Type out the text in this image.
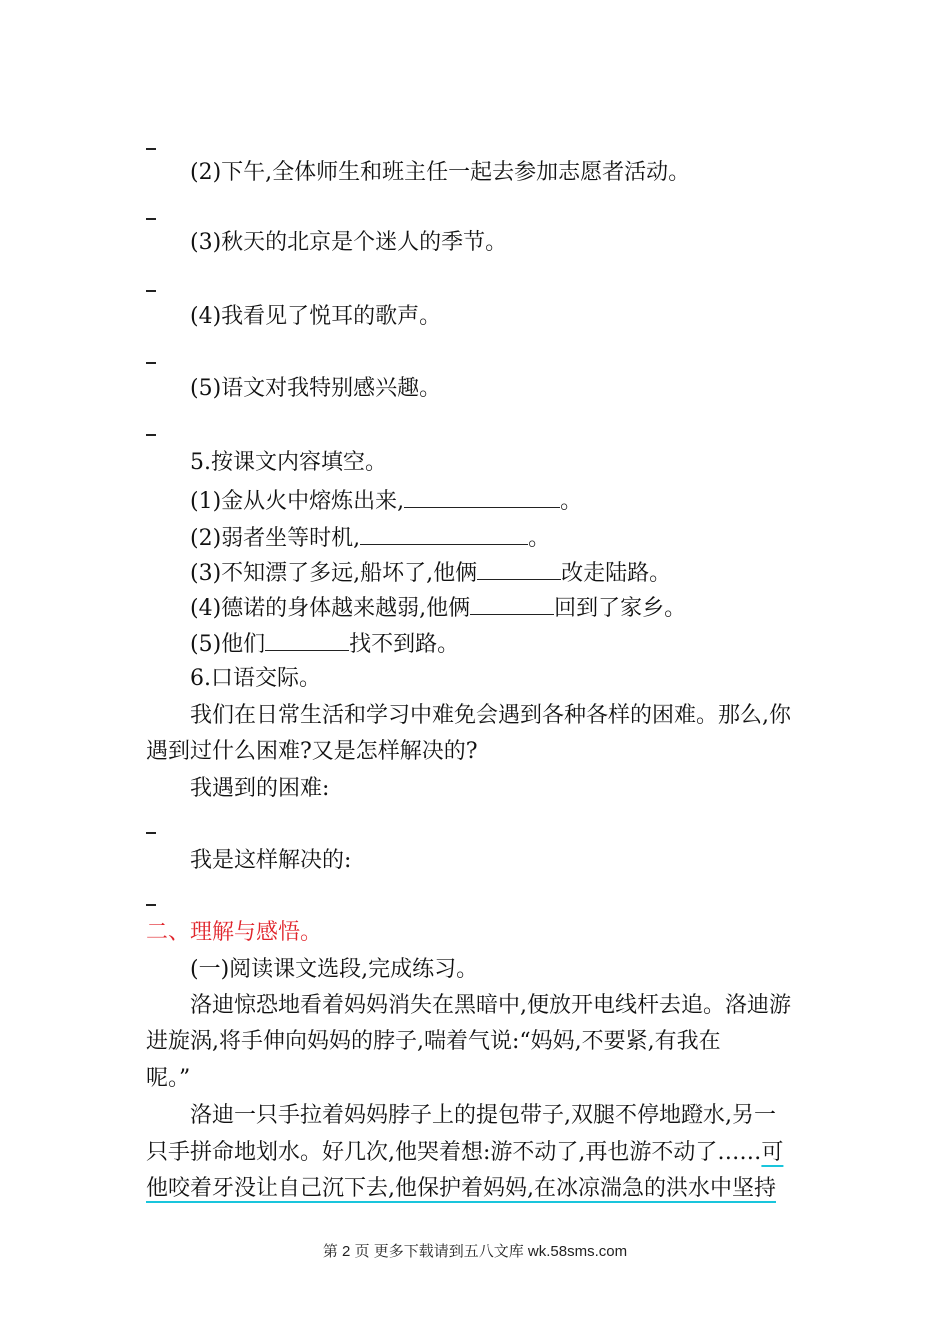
(2)下午,全体师生和班主任一起去参加志愿者活动。
(3)秋天的北京是个迷人的季节。
(4)我看见了悦耳的歌声。
(5)语文对我特别感兴趣。
5.按课文内容填空。
(1)金从火中熔炼出来,	。
(2)弱者坐等时机,	。
(3)不知漂了多远,船坏了,他俩	改走陆路。
(4)德诺的身体越来越弱,他俩	回到了家乡。
(5)他们	找不到路。
6.口语交际。
我们在日常生活和学习中难免会遇到各种各样的困难。那么,你
遇到过什么困难?又是怎样解决的?
我遇到的困难:
我是这样解决的:
二、理解与感悟。
(一)阅读课文选段,完成练习。
洛迪惊恐地看着妈妈消失在黑暗中,便放开电线杆去追。洛迪游
进旋涡,将手伸向妈妈的脖子,喘着气说:“妈妈,不要紧,有我在
呢。”
洛迪一只手拉着妈妈脖子上的提包带子,双腿不停地蹬水,另一
只手拼命地划水。好几次,他哭着想:游不动了,再也游不动了……可
他咬着牙没让自己沉下去,他保护着妈妈,在冰凉湍急的洪水中坚持
第 2 页 更多下载请到五八文库 wk.58sms.com
